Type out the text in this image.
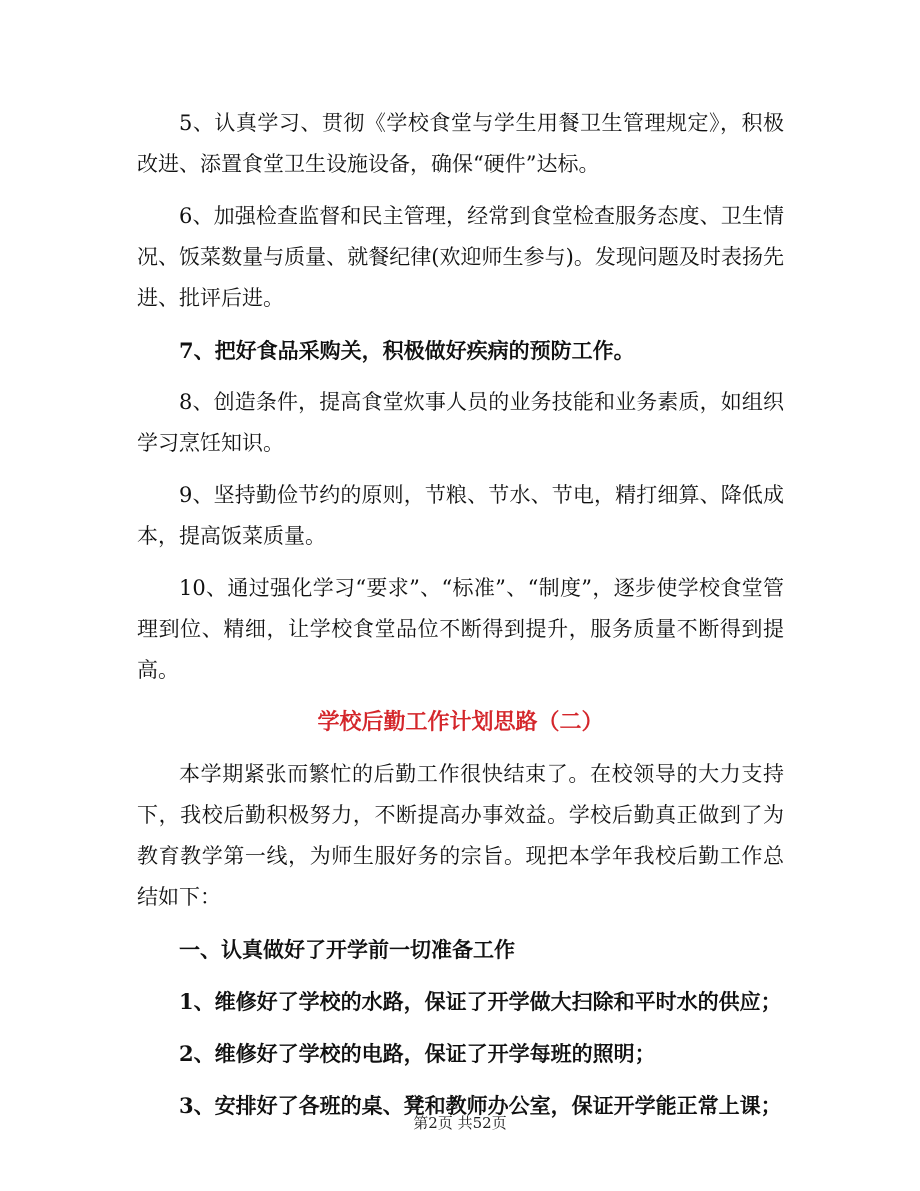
5、认真学习、贯彻《学校食堂与学生用餐卫生管理规定》，积极改进、添置食堂卫生设施设备，确保“硬件”达标。

6、加强检查监督和民主管理，经常到食堂检查服务态度、卫生情况、饭菜数量与质量、就餐纪律(欢迎师生参与)。发现问题及时表扬先进、批评后进。

7、把好食品采购关，积极做好疾病的预防工作。

8、创造条件，提高食堂炊事人员的业务技能和业务素质，如组织学习烹饪知识。

9、坚持勤俭节约的原则，节粮、节水、节电，精打细算、降低成本，提高饭菜质量。

10、通过强化学习“要求”、“标准”、“制度”，逐步使学校食堂管理到位、精细，让学校食堂品位不断得到提升，服务质量不断得到提高。

学校后勤工作计划思路（二）

本学期紧张而繁忙的后勤工作很快结束了。在校领导的大力支持下，我校后勤积极努力，不断提高办事效益。学校后勤真正做到了为教育教学第一线，为师生服好务的宗旨。现把本学年我校后勤工作总结如下：

一、认真做好了开学前一切准备工作

1、维修好了学校的水路，保证了开学做大扫除和平时水的供应；

2、维修好了学校的电路，保证了开学每班的照明；

3、安排好了各班的桌、凳和教师办公室，保证开学能正常上课；

第2页 共52页
